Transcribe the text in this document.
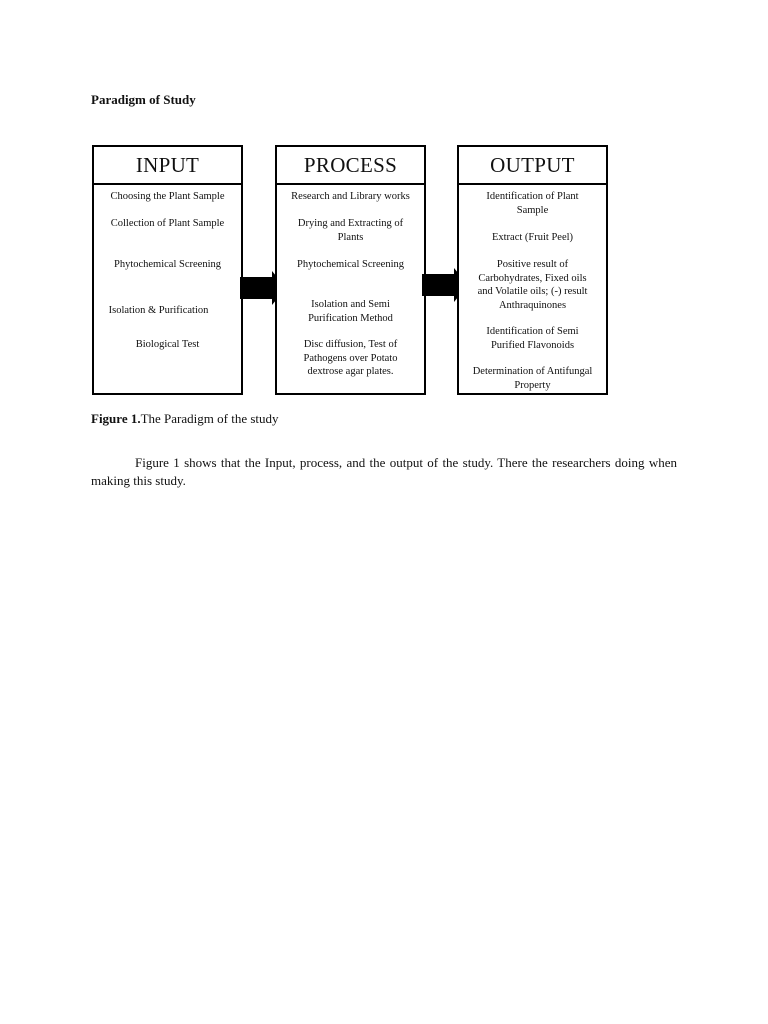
Paradigm of Study
INPUT
Choosing the Plant Sample
Collection of Plant Sample
Phytochemical Screening
Isolation & Purification
Biological Test
PROCESS
Research and Library works
Drying and Extracting of Plants
Phytochemical Screening
Isolation and Semi Purification Method
Disc diffusion, Test of Pathogens over Potato dextrose agar plates.
OUTPUT
Identification of Plant Sample
Extract (Fruit Peel)
Positive result of Carbohydrates, Fixed oils and Volatile oils; (-) result Anthraquinones
Identification of Semi Purified Flavonoids
Determination of Antifungal Property
Figure 1.The Paradigm of the study
Figure 1 shows that the Input, process, and the output of the study. There the researchers doing when making this study.
